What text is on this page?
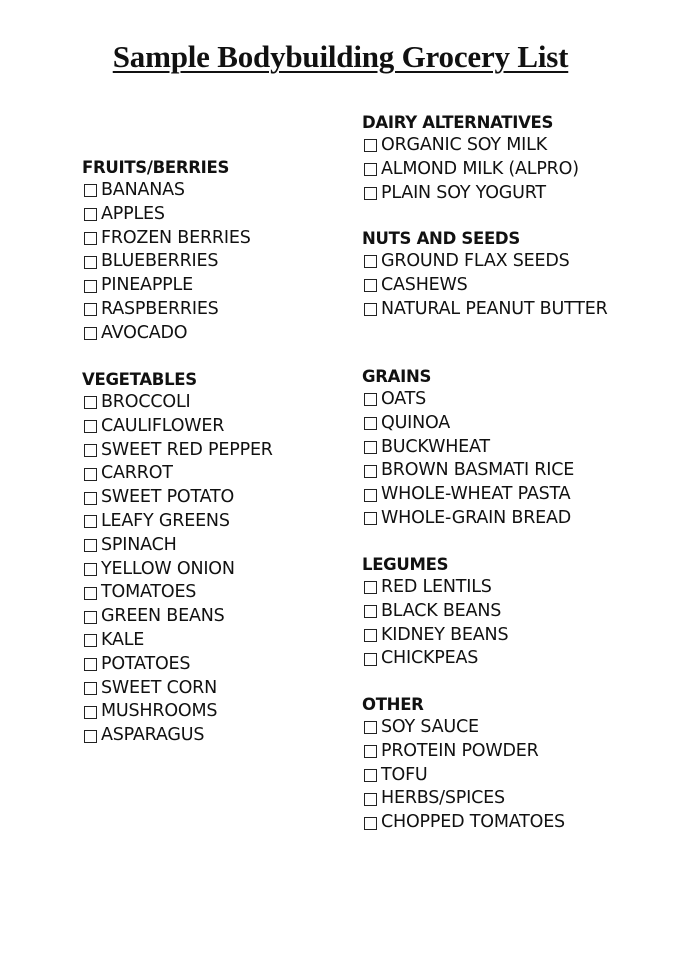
Sample Bodybuilding Grocery List
FRUITS/BERRIES
BANANAS
APPLES
FROZEN BERRIES
BLUEBERRIES
PINEAPPLE
RASPBERRIES
AVOCADO
VEGETABLES
BROCCOLI
CAULIFLOWER
SWEET RED PEPPER
CARROT
SWEET POTATO
LEAFY GREENS
SPINACH
YELLOW ONION
TOMATOES
GREEN BEANS
KALE
POTATOES
SWEET CORN
MUSHROOMS
ASPARAGUS
DAIRY ALTERNATIVES
ORGANIC SOY MILK
ALMOND MILK (ALPRO)
PLAIN SOY YOGURT
NUTS AND SEEDS
GROUND FLAX SEEDS
CASHEWS
NATURAL PEANUT BUTTER
GRAINS
OATS
QUINOA
BUCKWHEAT
BROWN BASMATI RICE
WHOLE-WHEAT PASTA
WHOLE-GRAIN BREAD
LEGUMES
RED LENTILS
BLACK BEANS
KIDNEY BEANS
CHICKPEAS
OTHER
SOY SAUCE
PROTEIN POWDER
TOFU
HERBS/SPICES
CHOPPED TOMATOES
